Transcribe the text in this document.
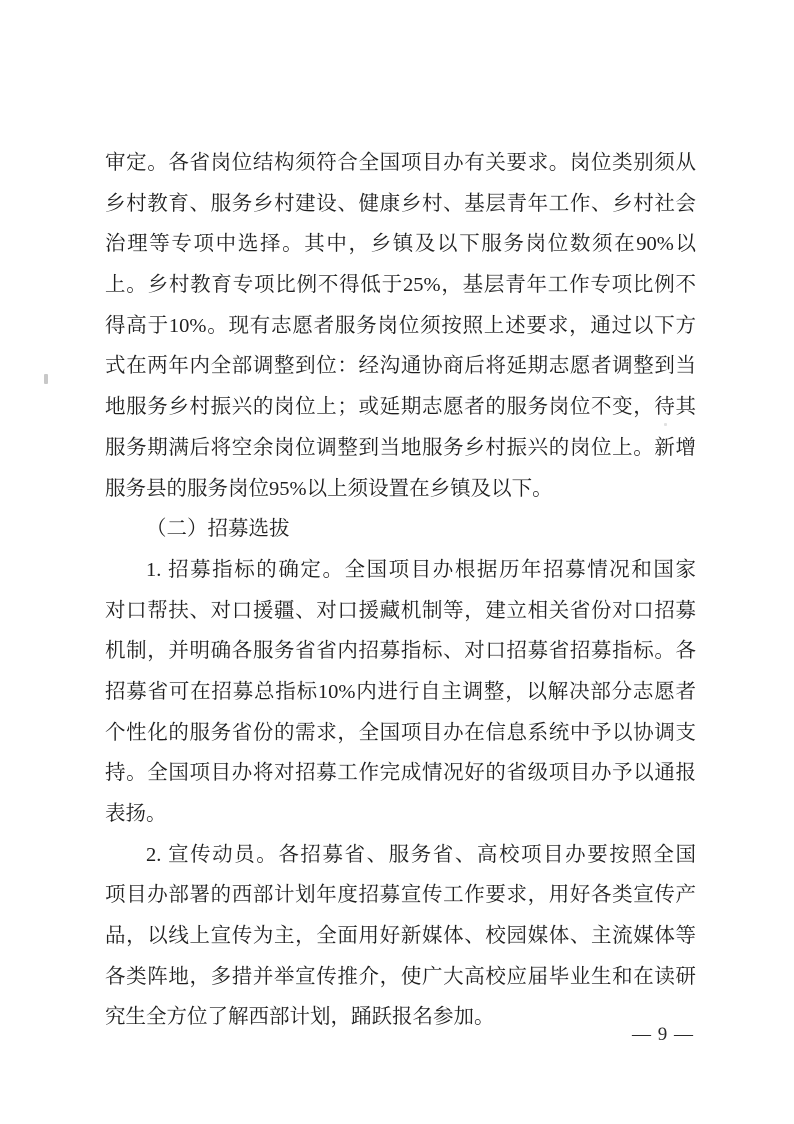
审定。各省岗位结构须符合全国项目办有关要求。岗位类别须从
乡村教育、服务乡村建设、健康乡村、基层青年工作、乡村社会
治理等专项中选择。其中，乡镇及以下服务岗位数须在90%以
上。乡村教育专项比例不得低于25%，基层青年工作专项比例不
得高于10%。现有志愿者服务岗位须按照上述要求，通过以下方
式在两年内全部调整到位：经沟通协商后将延期志愿者调整到当
地服务乡村振兴的岗位上；或延期志愿者的服务岗位不变，待其
服务期满后将空余岗位调整到当地服务乡村振兴的岗位上。新增
服务县的服务岗位95%以上须设置在乡镇及以下。
（二）招募选拔
1. 招募指标的确定。全国项目办根据历年招募情况和国家
对口帮扶、对口援疆、对口援藏机制等，建立相关省份对口招募
机制，并明确各服务省省内招募指标、对口招募省招募指标。各
招募省可在招募总指标10%内进行自主调整，以解决部分志愿者
个性化的服务省份的需求，全国项目办在信息系统中予以协调支
持。全国项目办将对招募工作完成情况好的省级项目办予以通报
表扬。
2. 宣传动员。各招募省、服务省、高校项目办要按照全国
项目办部署的西部计划年度招募宣传工作要求，用好各类宣传产
品，以线上宣传为主，全面用好新媒体、校园媒体、主流媒体等
各类阵地，多措并举宣传推介，使广大高校应届毕业生和在读研
究生全方位了解西部计划，踊跃报名参加。
— 9 —
